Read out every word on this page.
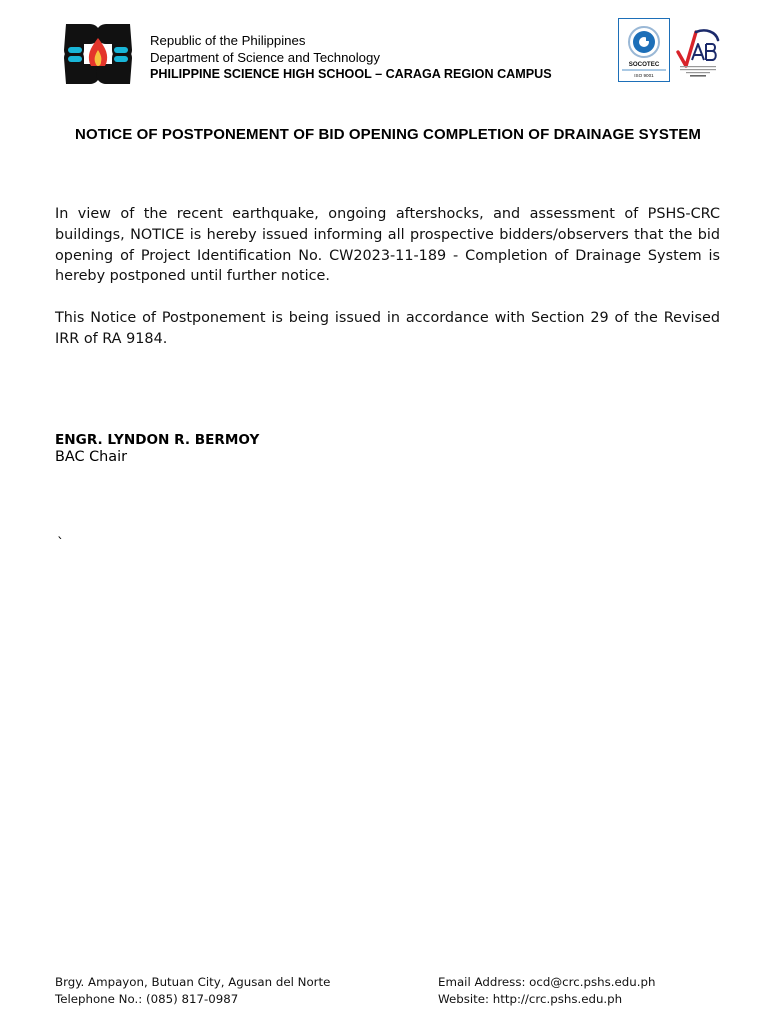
Republic of the Philippines
Department of Science and Technology
PHILIPPINE SCIENCE HIGH SCHOOL – CARAGA REGION CAMPUS
SOCOTEC
ISO 9001
NOTICE OF POSTPONEMENT OF BID OPENING COMPLETION OF DRAINAGE SYSTEM
In view of the recent earthquake, ongoing aftershocks, and assessment of PSHS-CRC buildings, NOTICE is hereby issued informing all prospective bidders/observers that the bid opening of Project Identification No. CW2023-11-189 - Completion of Drainage System is hereby postponed until further notice.
This Notice of Postponement is being issued in accordance with Section 29 of the Revised IRR of RA 9184.
ENGR. LYNDON R. BERMOY
BAC Chair
`
Brgy. Ampayon, Butuan City, Agusan del Norte
Telephone No.: (085) 817-0987
Email Address: ocd@crc.pshs.edu.ph
Website: http://crc.pshs.edu.ph
